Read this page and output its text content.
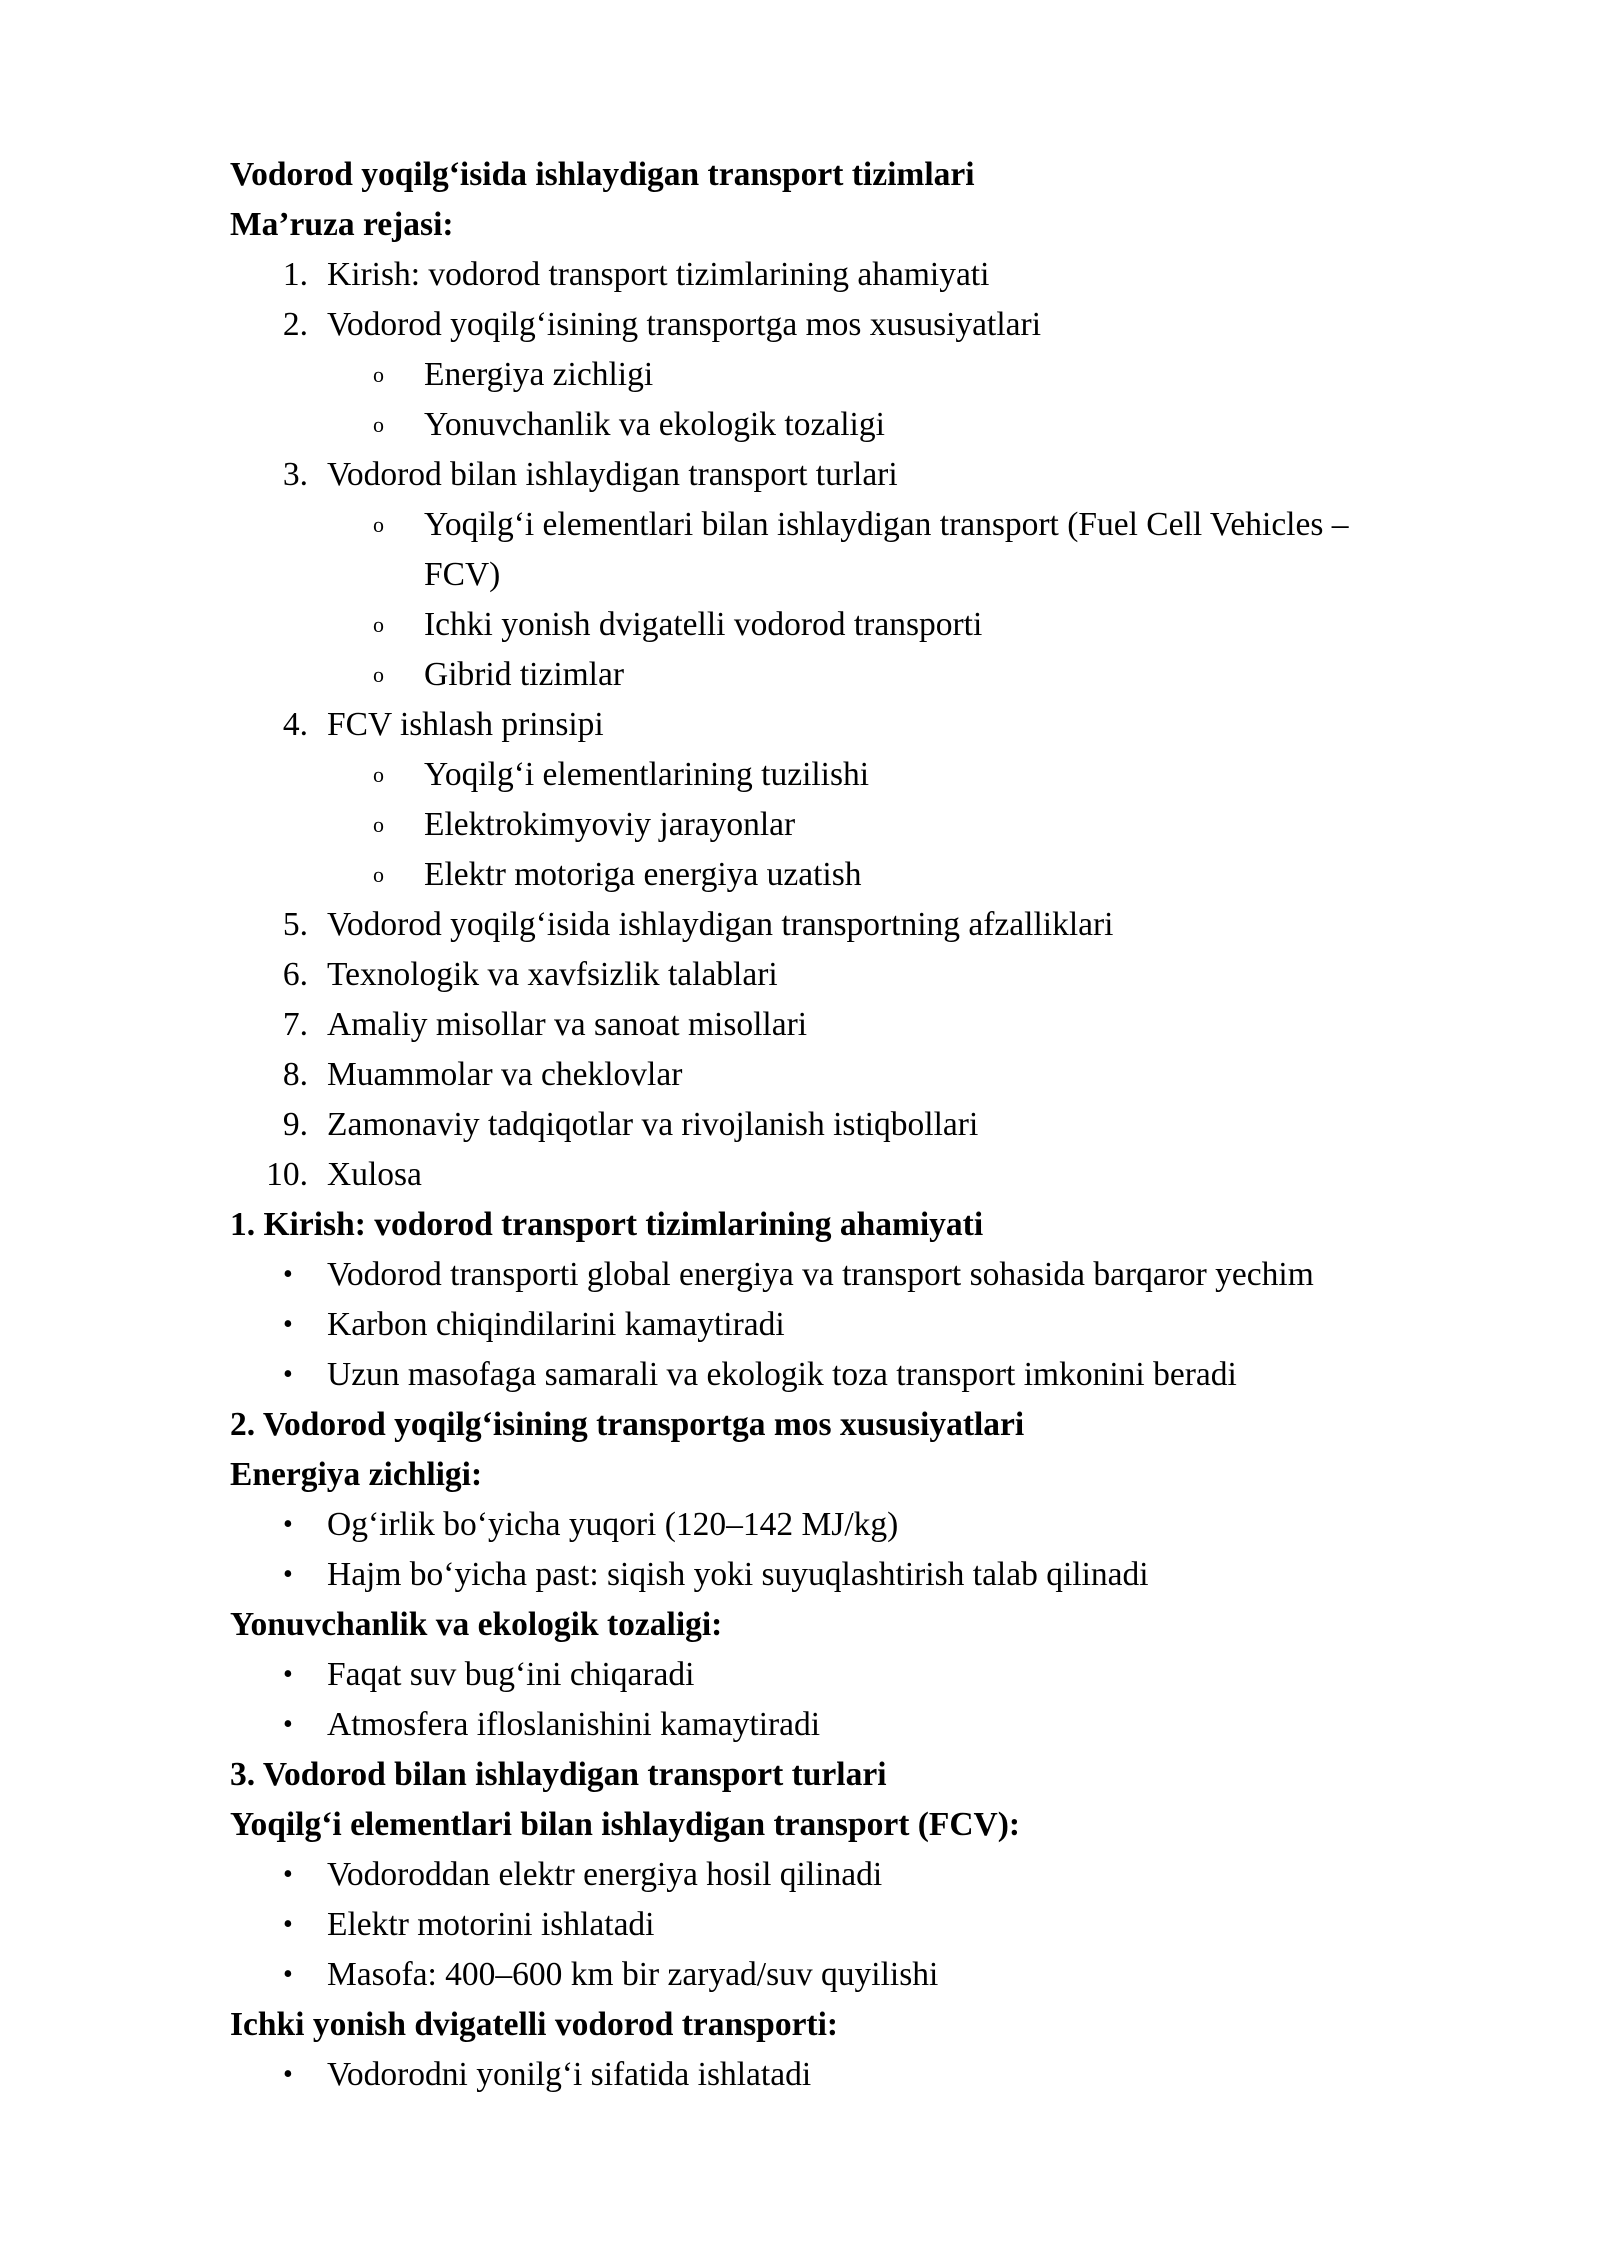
Vodorod yoqilg‘isida ishlaydigan transport tizimlari
Ma’ruza rejasi:
1. Kirish: vodorod transport tizimlarining ahamiyati
2. Vodorod yoqilg‘isining transportga mos xususiyatlari
o Energiya zichligi
o Yonuvchanlik va ekologik tozaligi
3. Vodorod bilan ishlaydigan transport turlari
o Yoqilg‘i elementlari bilan ishlaydigan transport (Fuel Cell Vehicles –
FCV)
o Ichki yonish dvigatelli vodorod transporti
o Gibrid tizimlar
4. FCV ishlash prinsipi
o Yoqilg‘i elementlarining tuzilishi
o Elektrokimyoviy jarayonlar
o Elektr motoriga energiya uzatish
5. Vodorod yoqilg‘isida ishlaydigan transportning afzalliklari
6. Texnologik va xavfsizlik talablari
7. Amaliy misollar va sanoat misollari
8. Muammolar va cheklovlar
9. Zamonaviy tadqiqotlar va rivojlanish istiqbollari
10. Xulosa
1. Kirish: vodorod transport tizimlarining ahamiyati
• Vodorod transporti global energiya va transport sohasida barqaror yechim
• Karbon chiqindilarini kamaytiradi
• Uzun masofaga samarali va ekologik toza transport imkonini beradi
2. Vodorod yoqilg‘isining transportga mos xususiyatlari
Energiya zichligi:
• Og‘irlik bo‘yicha yuqori (120–142 MJ/kg)
• Hajm bo‘yicha past: siqish yoki suyuqlashtirish talab qilinadi
Yonuvchanlik va ekologik tozaligi:
• Faqat suv bug‘ini chiqaradi
• Atmosfera ifloslanishini kamaytiradi
3. Vodorod bilan ishlaydigan transport turlari
Yoqilg‘i elementlari bilan ishlaydigan transport (FCV):
• Vodoroddan elektr energiya hosil qilinadi
• Elektr motorini ishlatadi
• Masofa: 400–600 km bir zaryad/suv quyilishi
Ichki yonish dvigatelli vodorod transporti:
• Vodorodni yonilg‘i sifatida ishlatadi
